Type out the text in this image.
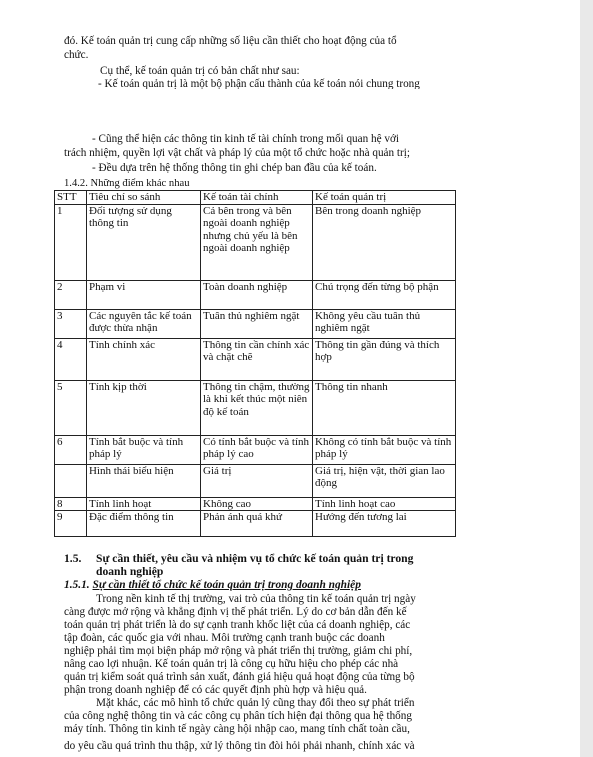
đó. Kế toán quản trị cung cấp những số liệu cần thiết cho hoạt động của tổ
chức.
Cụ thể, kế toán quản trị có bản chất như sau:
- Kế toán quản trị là một bộ phận cấu thành của kế toán nói chung trong
- Cũng thể hiện các thông tin kinh tế tài chính trong mối quan hệ với
trách nhiệm, quyền lợi vật chất và pháp lý của một tổ chức hoặc nhà quản trị;
- Đều dựa trên hệ thống thông tin ghi chép ban đầu của kế toán.
1.4.2. Những điểm khác nhau
STT	Tiêu chí so sánh	Kế toán tài chính	Kế toán quản trị
1	Đối tượng sử dụng thông tin	Cả bên trong và bên ngoài doanh nghiệp nhưng chủ yếu là bên ngoài doanh nghiệp	Bên trong doanh nghiệp
2	Phạm vi	Toàn doanh nghiệp	Chú trọng đến từng bộ phận
3	Các nguyên tắc kế toán được thừa nhận	Tuân thủ nghiêm ngặt	Không yêu cầu tuân thủ nghiêm ngặt
4	Tính chính xác	Thông tin cần chính xác và chặt chẽ	Thông tin gần đúng và thích hợp
5	Tính kịp thời	Thông tin chậm, thường là khi kết thúc một niên độ kế toán	Thông tin nhanh
6	Tính bắt buộc và tính pháp lý	Có tính bắt buộc và tính pháp lý cao	Không có tính bắt buộc và tính pháp lý
	Hình thái biểu hiện	Giá trị	Giá trị, hiện vật, thời gian lao động
8	Tính linh hoạt	Không cao	Tính linh hoạt cao
9	Đặc điểm thông tin	Phản ánh quá khứ	Hướng đến tương lai
1.5. Sự cần thiết, yêu cầu và nhiệm vụ tổ chức kế toán quản trị trong
doanh nghiệp
1.5.1. Sự cần thiết tổ chức kế toán quản trị trong doanh nghiệp
Trong nền kinh tế thị trường, vai trò của thông tin kế toán quản trị ngày
càng được mở rộng và khẳng định vị thế phát triển. Lý do cơ bản dẫn đến kế
toán quản trị phát triển là do sự cạnh tranh khốc liệt của cá doanh nghiệp, các
tập đoàn, các quốc gia với nhau. Môi trường cạnh tranh buộc các doanh
nghiệp phải tìm mọi biện pháp mở rộng và phát triển thị trường, giảm chi phí,
nâng cao lợi nhuận. Kế toán quản trị là công cụ hữu hiệu cho phép các nhà
quản trị kiểm soát quá trình sản xuất, đánh giá hiệu quả hoạt động của từng bộ
phận trong doanh nghiệp để có các quyết định phù hợp và hiệu quả.
Mặt khác, các mô hình tổ chức quản lý cũng thay đổi theo sự phát triển
của công nghệ thông tin và các công cụ phân tích hiện đại thông qua hệ thống
máy tính. Thông tin kinh tế ngày càng hội nhập cao, mang tính chất toàn cầu,
do yêu cầu quá trình thu thập, xử lý thông tin đòi hỏi phải nhanh, chính xác và
